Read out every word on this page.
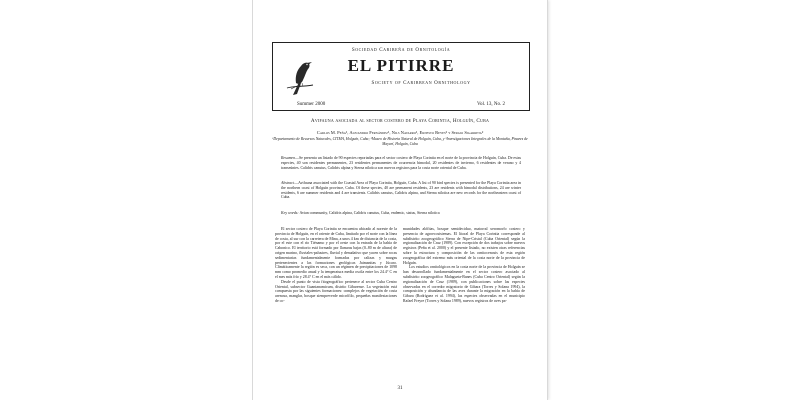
Sociedad Caribeña de Ornitología
EL PITIRRE
Society of Caribbean Ornithology
Summer 2000	Vol. 13, No. 2
Avifauna asociada al sector costero de Playa Corintia, Holguín, Cuba
Carlos M. Peña¹, Alejandro Fernández¹, Nils Navarro¹, Ernesto Reyes² y Sergio Sigarreta²
¹Departamento de Recursos Naturales, CITMA, Holguín, Cuba; ²Museo de Historia Natural de Holguín, Cuba, y ³Investigaciones Integrales de la Montaña, Pinares de Mayarí, Holguín, Cuba
Resumen—Se presenta un listado de 90 especies reportadas para el sector costero de Playa Corintia en el norte de la provincia de Holguín, Cuba. De estas especies, 40 son residentes permanentes, 23 residentes permanentes de ocurrencia bimodal, 20 residentes de invierno, 6 residentes de verano y 4 transeúntes. Calidris canutus, Calidris alpina y Sterna nilotica son nuevos registros para la costa norte oriental de Cuba.
Abstract—Avifauna associated with the Coastal Area of Playa Corintia, Holguín, Cuba. A list of 90 bird species is presented for the Playa Corintia area in the northern coast of Holguín province, Cuba. Of these species, 40 are permanent residents, 23 are residents with bimodal distributions, 24 are winter residents, 6 are summer residents and 4 are transients. Calidris canutus, Calidris alpina, and Sterna nilotica are new records for the northeastern coast of Cuba.
Key words: Avian community, Calidris alpina, Calidris canutus, Cuba, endemic, status, Sterna nilotica

El sector costero de Playa Corintia se encuentra ubicado al noreste de la provincia de Holguín, en el oriente de Cuba, limitado por el norte con la línea de costa, al sur con la carretera de Mina, a unos 4 km de distancia de la costa, por el este con el río Tiénamo y por el oeste con la entrada de la bahía de Cabonico. El territorio está formado por llanuras bajas (0–80 m de altura) de origen marino, fluviales-palustres, fluvial y denudativo que yacen sobre rocas sedimentarias fundamentalmente formadas por calizas y margas pertenecientes a las formaciones geológicas Jaimanitas y Júcaro. Climáticamente la región es seca, con un régimen de precipitaciones de 1098 mm como promedio anual y la temperatura media oscila entre los 24.4° C en el mes más frío y 28.4° C en el más cálido.

Desde el punto de vista fitogeográfico pertenece al sector Cuba Centro Oriental, subsector Guantanamicum, distrito Gibarense. La vegetación está compuesta por las siguientes formaciones: complejos de vegetación de costa arenosa, manglar, bosque siempreverde micrófilo, pequeñas manifestaciones de co-

munidades alófitas, bosque semideciduo, matorral xeromorfo costero y presencia de agroecosistemas. El litoral de Playa Corintia corresponde al subdistrito zoogeográfico Sierra de Nipe-Cristal (Cuba Oriental) según la regionalización de Cruz (1989). Con excepción de dos trabajos sobre nuevos registros (Peña et al. 2000) y el presente listado, no existen otras referencias sobre la estructura y composición de las ornitocenosis de esta región zoogeográfica del extremo más oriental de la costa norte de la provincia de Holguín.

Los estudios ornitológicos en la costa norte de la provincia de Holguín se han desarrollado fundamentalmente en el sector costero asociado al subdistrito zoogeográfico Malagueta-Banes (Cuba Centro Oriental) según la regionalización de Cruz (1989), con publicaciones sobre las especies observadas en el corredor migratorio de Gibara (Torres y Solana 1994), la composición y abundancia de las aves durante la migración en la bahía de Gibara (Rodríguez et al. 1994), las especies observadas en el municipio Rafael Freyre (Torres y Solana 1989), nuevos registros de aves pa-

31
